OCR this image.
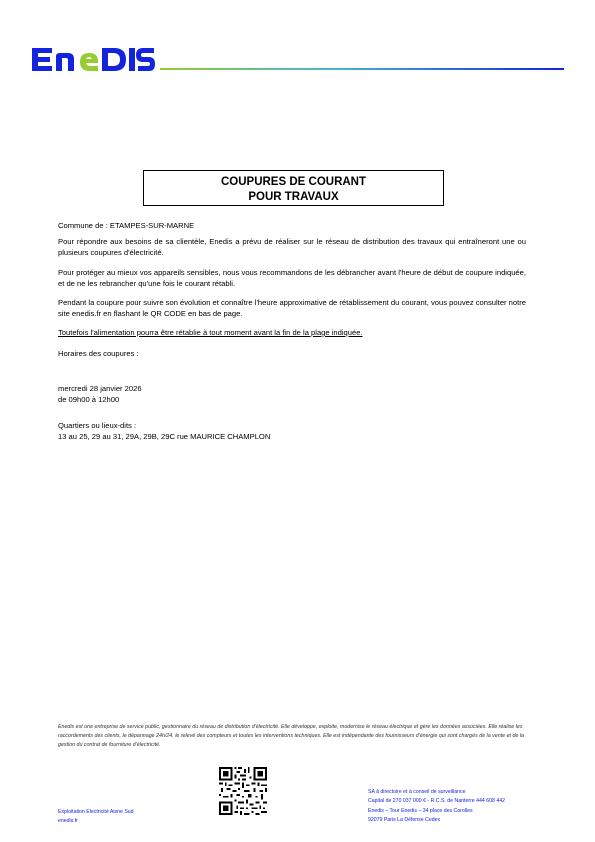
COUPURES DE COURANT
POUR TRAVAUX
Commune de : ETAMPES-SUR-MARNE
Pour répondre aux besoins de sa clientèle, Enedis a prévu de réaliser sur le réseau de distribution des travaux qui entraîneront une ou plusieurs coupures d'électricité.
Pour protéger au mieux vos appareils sensibles, nous vous recommandons de les débrancher avant l'heure de début de coupure indiquée, et de ne les rebrancher qu'une fois le courant rétabli.
Pendant la coupure pour suivre son évolution et connaître l'heure approximative de rétablissement du courant, vous pouvez consulter notre site enedis.fr en flashant le QR CODE en bas de page.
Toutefois l'alimentation pourra être rétablie à tout moment avant la fin de la plage indiquée.
Horaires des coupures :
mercredi 28 janvier 2026
de 09h00 à 12h00
Quartiers ou lieux-dits :
13 au 25, 29 au 31, 29A, 29B, 29C rue MAURICE CHAMPLON
Enedis est une entreprise de service public, gestionnaire du réseau de distribution d'électricité. Elle développe, exploite, modernise le réseau électrique et gère les données associées. Elle réalise les raccordements des clients, le dépannage 24h/24, le relevé des compteurs et toutes les interventions techniques. Elle est indépendante des fournisseurs d'énergie qui sont chargés de la vente et de la gestion du contrat de fourniture d'électricité.
SA à directoire et à conseil de surveillance
Capital de 270 037 000 € - R.C.S. de Nanterre 444 608 442
Enedis – Tour Enedis – 34 place des Corolles
92079 Paris La Défense Cedex
Exploitation Electricité Aisne Sud
enedis.fr
